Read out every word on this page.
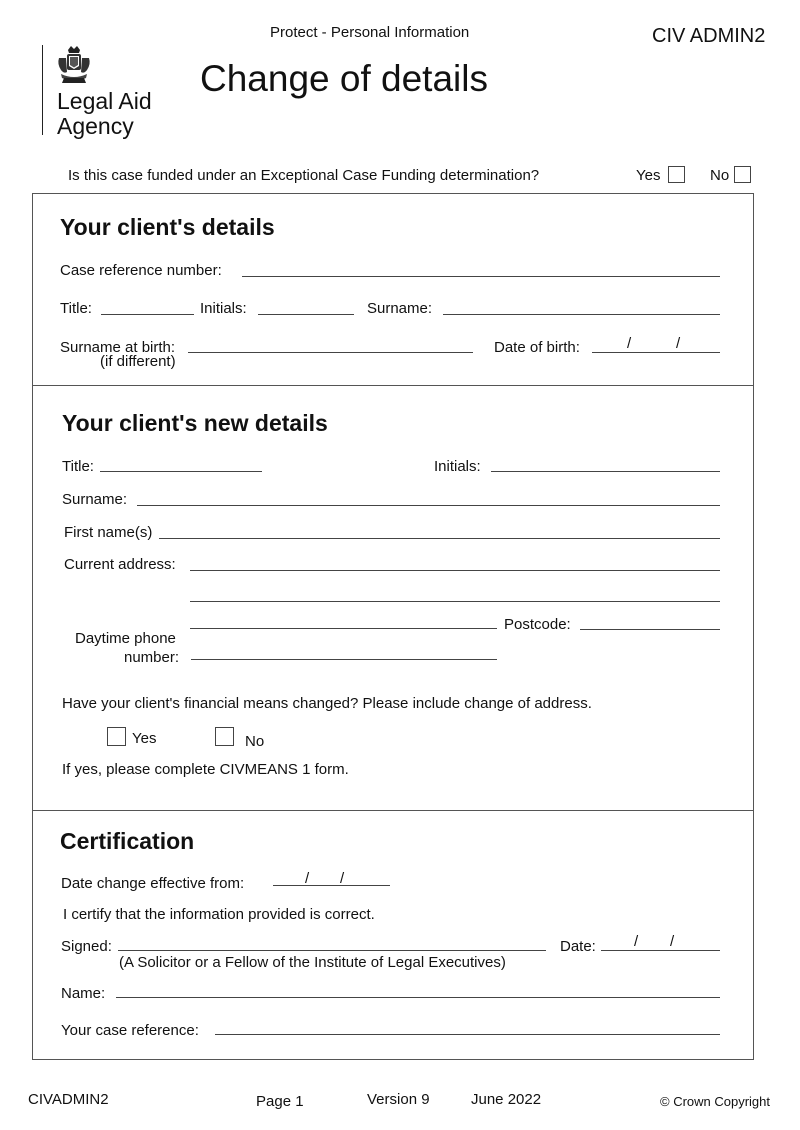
Protect - Personal Information	CIV ADMIN2
Legal Aid
Agency
Change of details
Is this case funded under an Exceptional Case Funding determination?	Yes	No
Your client's details
Case reference number:
Title:	Initials:	Surname:
Surname at birth:
(if different)
Date of birth:	/	/
Your client's new details
Title:	Initials:
Surname:
First name(s)
Current address:
Postcode:
Daytime phone
number:
Have your client's financial means changed? Please include change of address.
Yes	No
If yes, please complete CIVMEANS 1 form.
Certification
Date change effective from:	/ /
I certify that the information provided is correct.
Signed:
(A Solicitor or a Fellow of the Institute of Legal Executives)
Date:	/ /
Name:
Your case reference:
CIVADMIN2	Page 1	Version 9	June 2022	© Crown Copyright
